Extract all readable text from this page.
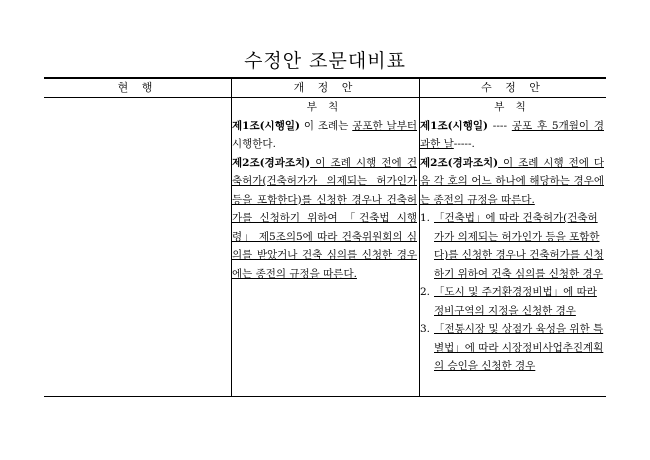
수정안 조문대비표
현 행	개 정 안	수 정 안
부 칙

제1조(시행일) 이 조례는 공포한 날부터 시행한다.

제2조(경과조치) 이 조례 시행 전에 건축허가(건축허가가 의제되는 허가인가 등을 포함한다)를 신청한 경우나 건축허가를 신청하기 위하여 「건축법 시행령」 제5조의5에 따라 건축위원회의 심의를 받았거나 건축 심의를 신청한 경우에는 종전의 규정을 따른다.

부 칙

제1조(시행일) ---- 공포 후 5개월이 경과한 날-----.

제2조(경과조치) 이 조례 시행 전에 다음 각 호의 어느 하나에 해당하는 경우에는 종전의 규정을 따른다.

1. 「건축법」에 따라 건축허가(건축허가가 의제되는 허가인가 등을 포함한다)를 신청한 경우나 건축허가를 신청하기 위하여 건축 심의를 신청한 경우
2. 「도시 및 주거환경정비법」에 따라 정비구역의 지정을 신청한 경우
3. 「전통시장 및 상점가 육성을 위한 특별법」에 따라 시장정비사업추진계획의 승인을 신청한 경우
